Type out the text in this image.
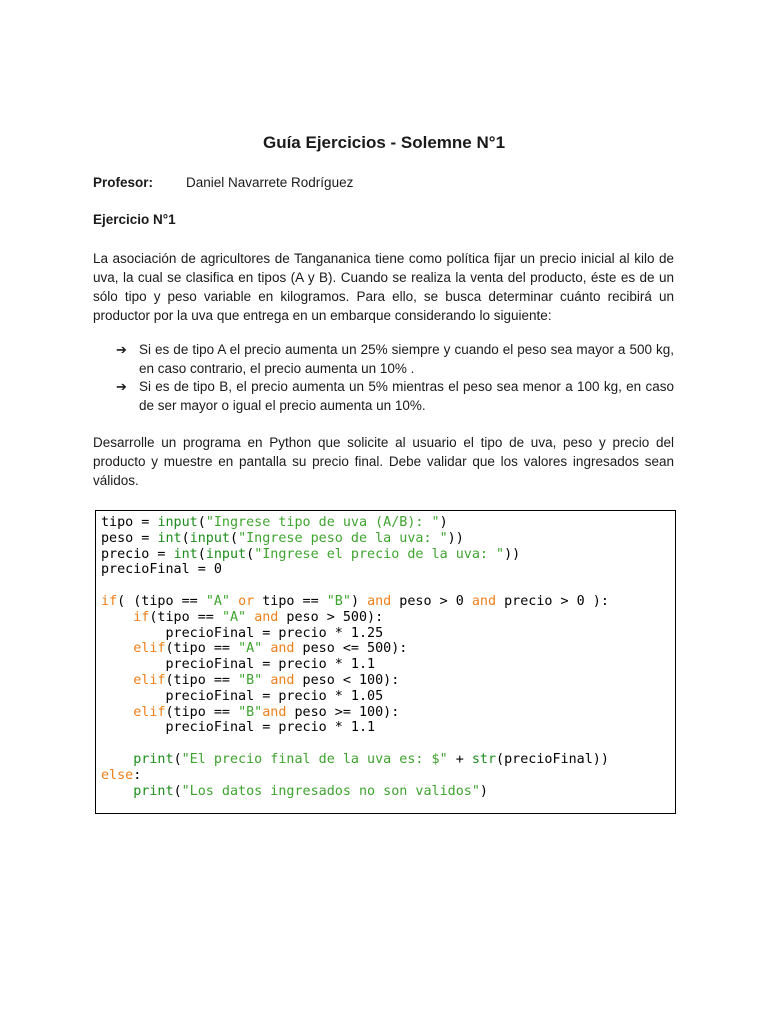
Guía Ejercicios - Solemne N°1
Profesor: Daniel Navarrete Rodríguez
Ejercicio N°1

La asociación de agricultores de Tangananica tiene como política fijar un precio inicial al kilo de uva, la cual se clasifica en tipos (A y B). Cuando se realiza la venta del producto, éste es de un sólo tipo y peso variable en kilogramos. Para ello, se busca determinar cuánto recibirá un productor por la uva que entrega en un embarque considerando lo siguiente:

➔ Si es de tipo A el precio aumenta un 25% siempre y cuando el peso sea mayor a 500 kg, en caso contrario, el precio aumenta un 10% .
➔ Si es de tipo B, el precio aumenta un 5% mientras el peso sea menor a 100 kg, en caso de ser mayor o igual el precio aumenta un 10%.

Desarrolle un programa en Python que solicite al usuario el tipo de uva, peso y precio del producto y muestre en pantalla su precio final. Debe validar que los valores ingresados sean válidos.

tipo = input("Ingrese tipo de uva (A/B): ")
peso = int(input("Ingrese peso de la uva: "))
precio = int(input("Ingrese el precio de la uva: "))
precioFinal = 0

if( (tipo == "A" or tipo == "B") and peso > 0 and precio > 0 ):
if(tipo == "A" and peso > 500):
precioFinal = precio * 1.25
elif(tipo == "A" and peso <= 500):
precioFinal = precio * 1.1
elif(tipo == "B" and peso < 100):
precioFinal = precio * 1.05
elif(tipo == "B"and peso >= 100):
precioFinal = precio * 1.1

print("El precio final de la uva es: $" + str(precioFinal))
else:
print("Los datos ingresados no son validos")
